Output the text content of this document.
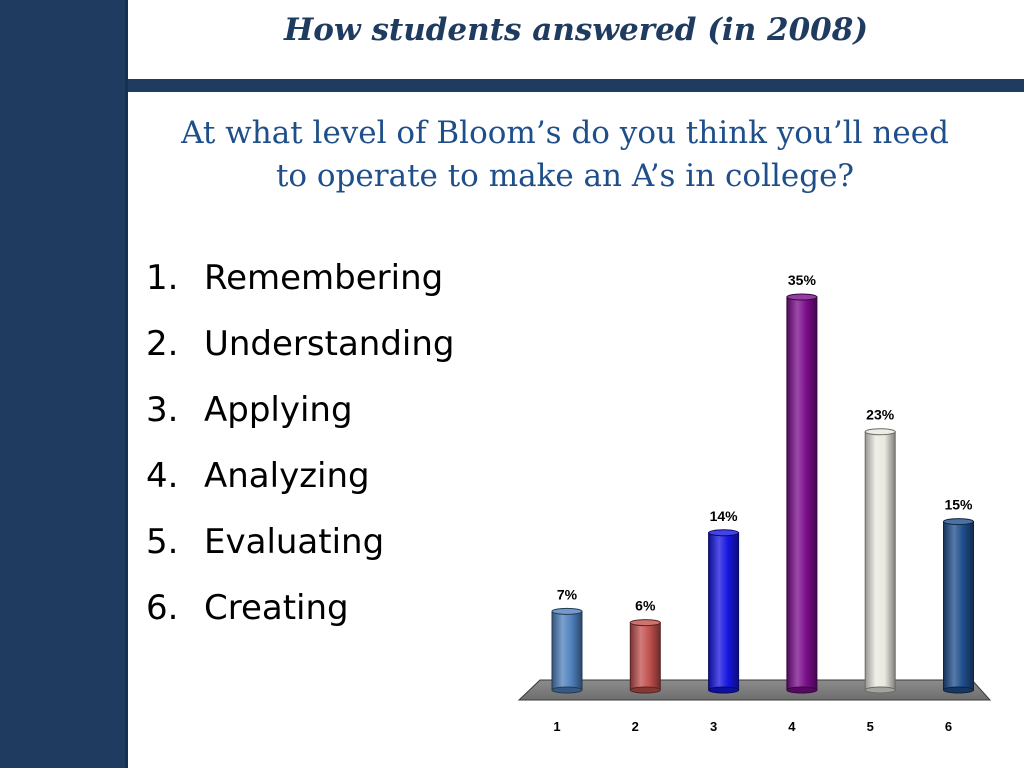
How students answered (in 2008)
At what level of Bloom’s do you think you’ll need
to operate to make an A’s in college?
1. Remembering
2. Understanding
3. Applying
4. Analyzing
5. Evaluating
6. Creating	7%
6%
14%
35%
23%
15%
1	2	3	4	5	6
